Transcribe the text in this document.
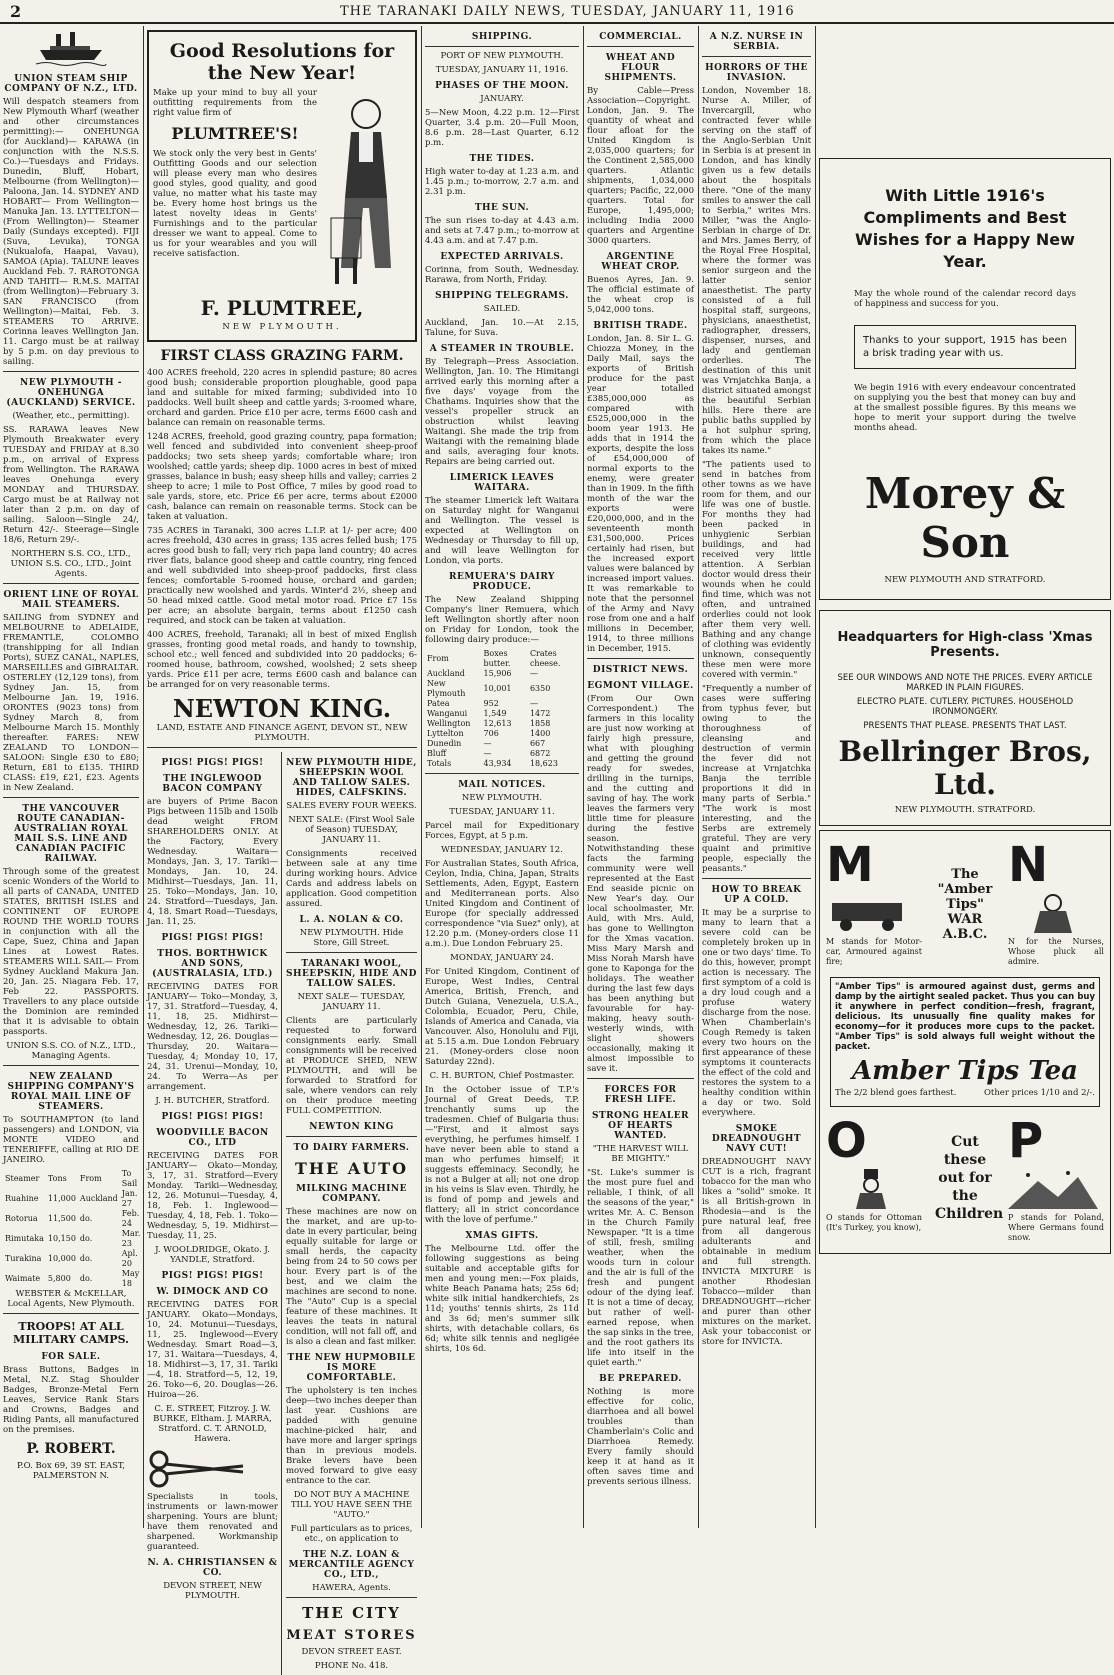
2	THE TARANAKI DAILY NEWS, TUESDAY, JANUARY 11, 1916

UNION STEAM SHIP COMPANY OF N.Z., LTD.

Will despatch steamers from New Plymouth Wharf (weather and other circumstances permitting):— ONEHUNGA (for Auckland)— KARAWA (in conjunction with the N.S.S. Co.)—Tuesdays and Fridays. Dunedin, Bluff, Hobart, Melbourne (from Wellington)—Paloona, Jan. 14. SYDNEY AND HOBART— From Wellington—Manuka Jan. 13. LYTTELTON— (From Wellington)— Steamer Daily (Sundays excepted). FIJI (Suva, Levuka), TONGA (Nukualofa, Haapai, Vavau), SAMOA (Apia). TALUNE leaves Auckland Feb. 7. RAROTONGA AND TAHITI— R.M.S. MAITAI (from Wellington)—February 3. SAN FRANCISCO (from Wellington)—Maitai, Feb. 3. STEAMERS TO ARRIVE. Corinna leaves Wellington Jan. 11. Cargo must be at railway by 5 p.m. on day previous to sailing.

NEW PLYMOUTH - ONEHUNGA (AUCKLAND) SERVICE.

(Weather, etc., permitting).

SS. RARAWA leaves New Plymouth Breakwater every TUESDAY and FRIDAY at 8.30 p.m., on arrival of Express from Wellington. The RARAWA leaves Onehunga every MONDAY and THURSDAY. Cargo must be at Railway not later than 2 p.m. on day of sailing. Saloon—Single 24/, Return 42/-. Steerage—Single 18/6, Return 29/-.

NORTHERN S.S. CO., LTD., UNION S.S. CO., LTD., Joint Agents.

ORIENT LINE OF ROYAL MAIL STEAMERS.

SAILING from SYDNEY and MELBOURNE to ADELAIDE, FREMANTLE, COLOMBO (transhipping for all Indian Ports), SUEZ CANAL, NAPLES, MARSEILLES and GIBRALTAR. OSTERLEY (12,129 tons), from Sydney Jan. 15, from Melbourne Jan. 19, 1916. ORONTES (9023 tons) from Sydney March 8, from Melbourne March 15. Monthly thereafter. FARES: NEW ZEALAND TO LONDON— SALOON: Single £30 to £80; Return, £81 to £135. THIRD CLASS: £19, £21, £23. Agents in New Zealand.

THE VANCOUVER ROUTE CANADIAN-AUSTRALIAN ROYAL MAIL S.S. LINE AND CANADIAN PACIFIC RAILWAY.

Through some of the greatest scenic Wonders of the World to all parts of CANADA, UNITED STATES, BRITISH ISLES and CONTINENT OF EUROPE ROUND THE WORLD TOURS in conjunction with all the Cape, Suez, China and Japan Lines at Lowest Rates. STEAMERS WILL SAIL— From Sydney Auckland Makura Jan. 20, Jan. 25. Niagara Feb. 17, Feb 22. PASSPORTS. Travellers to any place outside the Dominion are reminded that it is advisable to obtain passports.

UNION S.S. CO. of N.Z., LTD., Managing Agents.

NEW ZEALAND SHIPPING COMPANY'S ROYAL MAIL LINE OF STEAMERS.

To SOUTHAMPTON (to land passengers) and LONDON, via MONTE VIDEO and TENERIFFE, calling at RIO DE JANEIRO.

Steamer	Tons	From	To Sail
Ruahine	11,000	Auckland	Jan. 27
Rotorua	11,500	do.	Feb. 24
Rimutaka	10,150	do.	Mar. 23
Turakina	10,000	do.	Apl. 20
Waimate	5,800	do.	May 18

WEBSTER & McKELLAR, Local Agents, New Plymouth.

TROOPS! AT ALL MILITARY CAMPS.

FOR SALE.

Brass Buttons, Badges in Metal, N.Z. Stag Shoulder Badges, Bronze-Metal Fern Leaves, Service Rank Stars and Crowns, Badges and Riding Pants, all manufactured on the premises.

P. ROBERT.

P.O. Box 69, 39 ST. EAST, PALMERSTON N.

Good Resolutions for the New Year!

Make up your mind to buy all your outfitting requirements from the right value firm of

PLUMTREE'S!

We stock only the very best in Gents' Outfitting Goods and our selection will please every man who desires good styles, good quality, and good value, no matter what his taste may be. Every home host brings us the latest novelty ideas in Gents' Furnishings and to the particular dresser we want to appeal. Come to us for your wearables and you will receive satisfaction.

F. PLUMTREE,

NEW PLYMOUTH.

FIRST CLASS GRAZING FARM.

400 ACRES freehold, 220 acres in splendid pasture; 80 acres good bush; considerable proportion ploughable, good papa land and suitable for mixed farming; subdivided into 10 paddocks. Well built sheep and cattle yards; 3-roomed whare, orchard and garden. Price £10 per acre, terms £600 cash and balance can remain on reasonable terms.

1248 ACRES, freehold, good grazing country, papa formation; well fenced and subdivided into convenient sheep-proof paddocks; two sets sheep yards; comfortable whare; iron woolshed; cattle yards; sheep dip. 1000 acres in best of mixed grasses, balance in bush; easy sheep hills and valley; carries 2 sheep to acre; 1 mile to Post Office, 7 miles by good road to sale yards, store, etc. Price £6 per acre, terms about £2000 cash, balance can remain on reasonable terms. Stock can be taken at valuation.

735 ACRES in Taranaki, 300 acres L.I.P. at 1/- per acre; 400 acres freehold, 430 acres in grass; 135 acres felled bush; 175 acres good bush to fall; very rich papa land country; 40 acres river flats, balance good sheep and cattle country, ring fenced and well subdivided into sheep-proof paddocks, first class fences; comfortable 5-roomed house, orchard and garden; practically new woolshed and yards. Winter'd 2½, sheep and 50 head mixed cattle. Good metal motor road. Price £7 15s per acre; an absolute bargain, terms about £1250 cash required, and stock can be taken at valuation.

400 ACRES, freehold, Taranaki; all in best of mixed English grasses, fronting good metal roads, and handy to township, school etc.; well fenced and subdivided into 20 paddocks; 6-roomed house, bathroom, cowshed, woolshed; 2 sets sheep yards. Price £11 per acre, terms £600 cash and balance can be arranged for on very reasonable terms.

NEWTON KING.

LAND, ESTATE AND FINANCE AGENT, DEVON ST., NEW PLYMOUTH.

PIGS! PIGS! PIGS!

THE INGLEWOOD BACON COMPANY

are buyers of Prime Bacon Pigs between 115lb and 150lb dead weight FROM SHAREHOLDERS ONLY. At the Factory, Every Wednesday. Waitara—Mondays, Jan. 3, 17. Tariki—Mondays, Jan. 10, 24. Midhirst—Tuesdays, Jan. 11, 25. Toko—Mondays, Jan. 10, 24. Stratford—Tuesdays, Jan. 4, 18. Smart Road—Tuesdays, Jan. 11, 25.

PIGS! PIGS! PIGS!

THOS. BORTHWICK AND SONS, (AUSTRALASIA, LTD.)

RECEIVING DATES FOR JANUARY— Toko—Monday, 3, 17, 31. Stratford—Tuesday, 4, 11, 18, 25. Midhirst—Wednesday, 12, 26. Tariki—Wednesday, 12, 26. Douglas—Thursday, 20. Waitara—Tuesday, 4; Monday 10, 17, 24, 31. Urenui—Monday, 10, 24. To Werra—As per arrangement.

J. H. BUTCHER, Stratford.

PIGS! PIGS! PIGS!

WOODVILLE BACON CO., LTD

RECEIVING DATES FOR JANUARY— Okato—Monday, 3, 17, 31. Stratford—Every Monday. Tariki—Wednesday, 12, 26. Motunui—Tuesday, 4, 18, Feb. 1. Inglewood—Tuesday, 4, 18, Feb. 1. Toko—Wednesday, 5, 19. Midhirst—Tuesday, 11, 25.

J. WOOLDRIDGE, Okato. J. YANDLE, Stratford.

PIGS! PIGS! PIGS!

W. DIMOCK AND CO

RECEIVING DATES FOR JANUARY. Okato—Mondays, 10, 24. Motunui—Tuesdays, 11, 25. Inglewood—Every Wednesday. Smart Road—3, 17, 31. Waitara—Tuesdays, 4, 18. Midhirst—3, 17, 31. Tariki—4, 18. Stratford—5, 12, 19, 26. Toko—6, 20. Douglas—26. Huiroa—26.

C. E. STREET, Fitzroy. J. W. BURKE, Eltham. J. MARRA, Stratford. C. T. ARNOLD, Hawera.

Specialists in tools, instruments or lawn-mower sharpening. Yours are blunt; have them renovated and sharpened. Workmanship guaranteed.

N. A. CHRISTIANSEN & CO.

DEVON STREET, NEW PLYMOUTH.

NEW PLYMOUTH HIDE, SHEEPSKIN WOOL AND TALLOW SALES. HIDES, CALFSKINS.

SALES EVERY FOUR WEEKS.

NEXT SALE: (First Wool Sale of Season) TUESDAY, JANUARY 11.

Consignments received between sale at any time during working hours. Advice Cards and address labels on application. Good competition assured.

L. A. NOLAN & CO.

NEW PLYMOUTH. Hide Store, Gill Street.

TARANAKI WOOL, SHEEPSKIN, HIDE AND TALLOW SALES.

NEXT SALE— TUESDAY, JANUARY 11.

Clients are particularly requested to forward consignments early. Small consignments will be received at PRODUCE SHED, NEW PLYMOUTH, and will be forwarded to Stratford for sale, where vendors can rely on their produce meeting FULL COMPETITION.

NEWTON KING

TO DAIRY FARMERS.

THE AUTO

MILKING MACHINE COMPANY.

These machines are now on the market, and are up-to-date in every particular, being equally suitable for large or small herds, the capacity being from 24 to 50 cows per hour. Every part is of the best, and we claim the machines are second to none. The "Auto" Cup is a special feature of these machines. It leaves the teats in natural condition, will not fall off, and is also a clean and fast milker.

THE NEW HUPMOBILE IS MORE COMFORTABLE.

The upholstery is ten inches deep—two inches deeper than last year. Cushions are padded with genuine machine-picked hair, and have more and larger springs than in previous models. Brake levers have been moved forward to give easy entrance to the car.

DO NOT BUY A MACHINE TILL YOU HAVE SEEN THE "AUTO."

Full particulars as to prices, etc., on application to

THE N.Z. LOAN & MERCANTILE AGENCY CO., LTD.,

HAWERA, Agents.

THE CITY

MEAT STORES

DEVON STREET EAST.

PHONE No. 418.

SHIPPING.

PORT OF NEW PLYMOUTH.

TUESDAY, JANUARY 11, 1916.

PHASES OF THE MOON.

JANUARY.

5—New Moon, 4.22 p.m. 12—First Quarter, 3.4 p.m. 20—Full Moon, 8.6 p.m. 28—Last Quarter, 6.12 p.m.

THE TIDES.

High water to-day at 1.23 a.m. and 1.45 p.m.; to-morrow, 2.7 a.m. and 2.31 p.m.

THE SUN.

The sun rises to-day at 4.43 a.m. and sets at 7.47 p.m.; to-morrow at 4.43 a.m. and at 7.47 p.m.

EXPECTED ARRIVALS.

Corinna, from South, Wednesday. Rarawa, from North, Friday.

SHIPPING TELEGRAMS.

SAILED.

Auckland, Jan. 10.—At 2.15, Talune, for Suva.

A STEAMER IN TROUBLE.

By Telegraph—Press Association. Wellington, Jan. 10. The Himitangi arrived early this morning after a five days' voyage from the Chathams. Inquiries show that the vessel's propeller struck an obstruction whilst leaving Waitangi. She made the trip from Waitangi with the remaining blade and sails, averaging four knots. Repairs are being carried out.

LIMERICK LEAVES WAITARA.

The steamer Limerick left Waitara on Saturday night for Wanganui and Wellington. The vessel is expected at Wellington on Wednesday or Thursday to fill up, and will leave Wellington for London, via ports.

REMUERA'S DAIRY PRODUCE.

The New Zealand Shipping Company's liner Remuera, which left Wellington shortly after noon on Friday for London, took the following dairy produce:—

From	Boxes butter.	Crates cheese.
Auckland	15,906	—
New Plymouth	10,001	6350
Patea	952	—
Wanganui	1,549	1472
Wellington	12,613	1858
Lyttelton	706	1400
Dunedin	—	667
Bluff	—	6872
Totals	43,934	18,623

MAIL NOTICES.

NEW PLYMOUTH.

TUESDAY, JANUARY 11.

Parcel mail for Expeditionary Forces, Egypt, at 5 p.m.

WEDNESDAY, JANUARY 12.

For Australian States, South Africa, Ceylon, India, China, Japan, Straits Settlements, Aden, Egypt, Eastern and Mediterranean ports. Also United Kingdom and Continent of Europe (for specially addressed correspondence "via Suez" only), at 12.20 p.m. (Money-orders close 11 a.m.). Due London February 25.

MONDAY, JANUARY 24.

For United Kingdom, Continent of Europe, West Indies, Central America, British, French, and Dutch Guiana, Venezuela, U.S.A., Colombia, Ecuador, Peru, Chile, Islands of America and Canada, via Vancouver. Also, Honolulu and Fiji, at 5.15 a.m. Due London February 21. (Money-orders close noon Saturday 22nd).

C. H. BURTON, Chief Postmaster.

In the October issue of T.P.'s Journal of Great Deeds, T.P. trenchantly sums up the tradesmen. Chief of Bulgaria thus:—"First, and it almost says everything, he perfumes himself. I have never been able to stand a man who perfumes himself; it suggests effeminacy. Secondly, he is not a Bulger at all; not one drop in his veins is Slav even. Thirdly, he is fond of pomp and jewels and flattery; all in strict concordance with the love of perfume."

XMAS GIFTS.

The Melbourne Ltd. offer the following suggestions as being suitable and acceptable gifts for men and young men:—Fox plaids, white Beach Panama hats; 25s 6d; white silk initial handkerchiefs, 2s 11d; youths' tennis shirts, 2s 11d and 3s 6d; men's summer silk shirts, with detachable collars, 6s 6d; white silk tennis and negligée shirts, 10s 6d.

COMMERCIAL.

WHEAT AND FLOUR SHIPMENTS.

By Cable—Press Association—Copyright. London, Jan. 9. The quantity of wheat and flour afloat for the United Kingdom is 2,035,000 quarters; for the Continent 2,585,000 quarters. Atlantic shipments, 1,034,000 quarters; Pacific, 22,000 quarters. Total for Europe, 1,495,000; including India 2000 quarters and Argentine 3000 quarters.

ARGENTINE WHEAT CROP.

Buenos Ayres, Jan. 9. The official estimate of the wheat crop is 5,042,000 tons.

BRITISH TRADE.

London, Jan. 8. Sir L. G. Chiozza Money, in the Daily Mail, says the exports of British produce for the past year totalled £385,000,000 as compared with £525,000,000 in the boom year 1913. He adds that in 1914 the exports, despite the loss of £54,000,000 of normal exports to the enemy, were greater than in 1909. In the fifth month of the war the exports were £20,000,000, and in the seventeenth month £31,500,000. Prices certainly had risen, but the increased export values were balanced by increased import values. It was remarkable to note that the personnel of the Army and Navy rose from one and a half millions in December, 1914, to three millions in December, 1915.

DISTRICT NEWS.

EGMONT VILLAGE.

(From Our Own Correspondent.) The farmers in this locality are just now working at fairly high pressure, what with ploughing and getting the ground ready for swedes, drilling in the turnips, and the cutting and saving of hay. The work leaves the farmers very little time for pleasure during the festive season. Notwithstanding these facts the farming community were well represented at the East End seaside picnic on New Year's day. Our local schoolmaster, Mr. Auld, with Mrs. Auld, has gone to Wellington for the Xmas vacation. Miss Mary Marsh and Miss Norah Marsh have gone to Kaponga for the holidays. The weather during the last few days has been anything but favourable for hay-making, heavy south-westerly winds, with slight showers occasionally, making it almost impossible to save it.

FORCES FOR FRESH LIFE.

STRONG HEALER OF HEARTS WANTED.

"THE HARVEST WILL BE MIGHTY."

"St. Luke's summer is the most pure fuel and reliable, I think, of all the seasons of the year," writes Mr. A. C. Benson in the Church Family Newspaper. "It is a time of still, fresh, smiling weather, when the woods turn in colour and the air is full of the fresh and pungent odour of the dying leaf. It is not a time of decay, but rather of well-earned repose, when the sap sinks in the tree, and the root gathers its life into itself in the quiet earth."

BE PREPARED.

Nothing is more effective for colic, diarrhoea and all bowel troubles than Chamberlain's Colic and Diarrhoea Remedy. Every family should keep it at hand as it often saves time and prevents serious illness.

A N.Z. NURSE IN SERBIA.

HORRORS OF THE INVASION.

London, November 18. Nurse A. Miller, of Invercargill, who contracted fever while serving on the staff of the Anglo-Serbian Unit in Serbia is at present in London, and has kindly given us a few details about the hospitals there. "One of the many smiles to answer the call to Serbia," writes Mrs. Miller, "was the Anglo-Serbian in charge of Dr. and Mrs. James Berry, of the Royal Free Hospital, where the former was senior surgeon and the latter senior anaesthetist. The party consisted of a full hospital staff, surgeons, physicians, anaesthetist, radiographer, dressers, dispenser, nurses, and lady and gentleman orderlies. The destination of this unit was Vrnjatchka Banja, a district situated amongst the beautiful Serbian hills. Here there are public baths supplied by a hot sulphur spring, from which the place takes its name."

"The patients used to send in batches from other towns as we have room for them, and our life was one of bustle. For months they had been packed in unhygienic Serbian buildings, and had received very little attention. A Serbian doctor would dress their wounds when he could find time, which was not often, and untrained orderlies could not look after them very well. Bathing and any change of clothing was evidently unknown, consequently these men were more covered with vermin."

"Frequently a number of cases were suffering from typhus fever, but owing to the thoroughness of cleansing and destruction of vermin the fever did not increase at Vrnjatchka Banja the terrible proportions it did in many parts of Serbia." "The work is most interesting, and the Serbs are extremely grateful. They are very quaint and primitive people, especially the peasants."

HOW TO BREAK UP A COLD.

It may be a surprise to many to learn that a severe cold can be completely broken up in one or two days' time. To do this, however, prompt action is necessary. The first symptom of a cold is a dry loud cough and a profuse watery discharge from the nose. When Chamberlain's Cough Remedy is taken every two hours on the first appearance of these symptoms it counteracts the effect of the cold and restores the system to a healthy condition within a day or two. Sold everywhere.

SMOKE DREADNOUGHT NAVY CUT!

DREADNOUGHT NAVY CUT is a rich, fragrant tobacco for the man who likes a "solid" smoke. It is all British-grown in Rhodesia—and is the pure natural leaf, free from all dangerous adulterants and obtainable in medium and full strength. INVICTA MIXTURE is another Rhodesian Tobacco—milder than DREADNOUGHT—richer and purer than other mixtures on the market. Ask your tobacconist or store for INVICTA.

With Little 1916's Compliments and Best Wishes for a Happy New Year.

May the whole round of the calendar record days of happiness and success for you.

Thanks to your support, 1915 has been a brisk trading year with us.

We begin 1916 with every endeavour concentrated on supplying you the best that money can buy and at the smallest possible figures. By this means we hope to merit your support during the twelve months ahead.

Morey & Son

NEW PLYMOUTH AND STRATFORD.

Headquarters for High-class 'Xmas Presents.

SEE OUR WINDOWS AND NOTE THE PRICES. EVERY ARTICLE MARKED IN PLAIN FIGURES.

ELECTRO PLATE. CUTLERY. PICTURES. HOUSEHOLD IRONMONGERY.

PRESENTS THAT PLEASE. PRESENTS THAT LAST.

Bellringer Bros, Ltd.

NEW PLYMOUTH. STRATFORD.

M

M stands for Motor-car, Armoured against fire;

The "Amber Tips" WAR A.B.C.

N

N for the Nurses, Whose pluck all admire.

"Amber Tips" is armoured against dust, germs and damp by the airtight sealed packet. Thus you can buy it anywhere in perfect condition—fresh, fragrant, delicious. Its unusually fine quality makes for economy—for it produces more cups to the packet. "Amber Tips" is sold always full weight without the packet.

Amber Tips Tea

The 2/2 blend goes farthest.	Other prices 1/10 and 2/-.
O

O stands for Ottoman (It's Turkey, you know),

Cut these out for the Children

P

P stands for Poland, Where Germans found snow.
